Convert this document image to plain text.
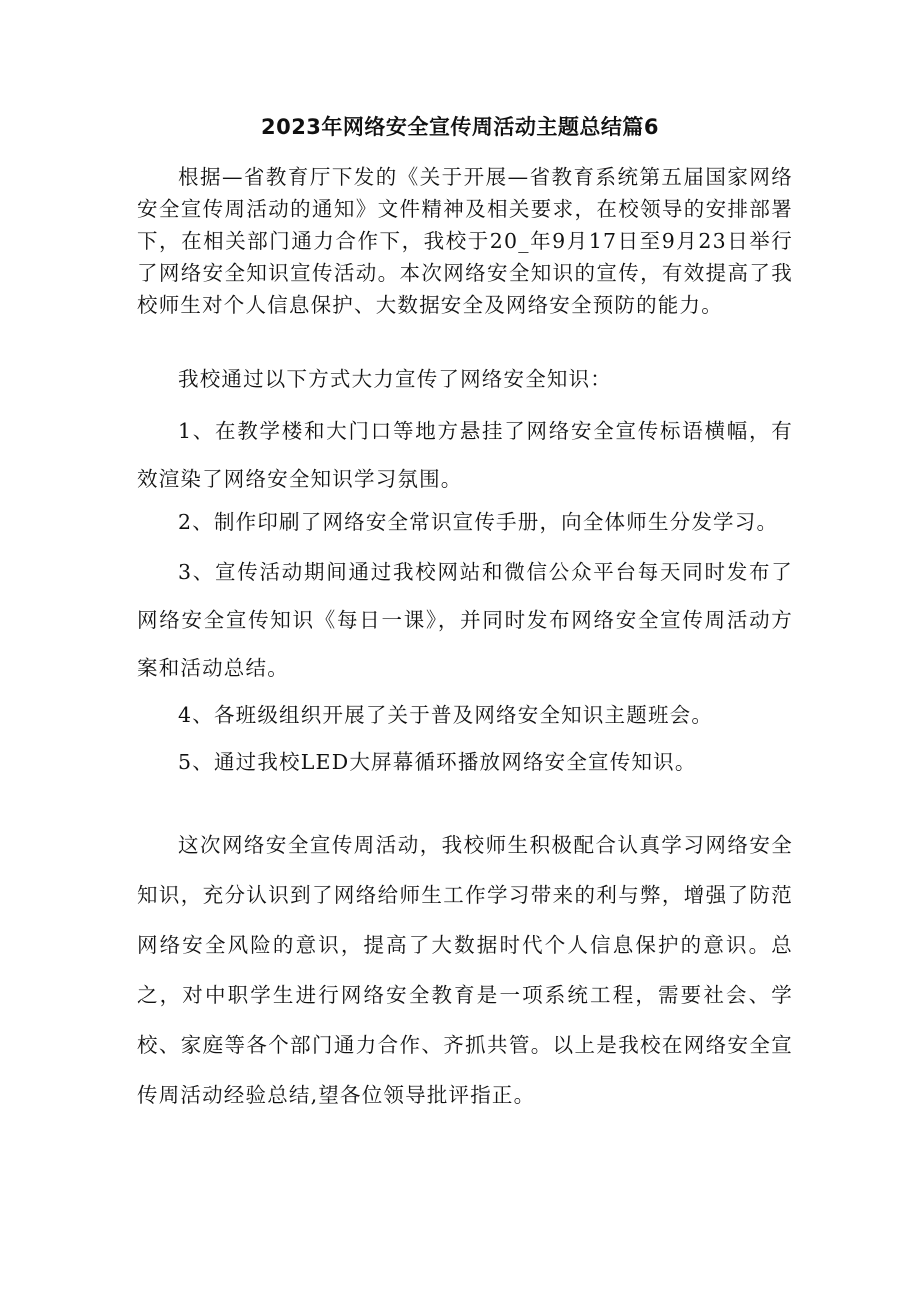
2023年网络安全宣传周活动主题总结篇6

根据—省教育厅下发的《关于开展—省教育系统第五届国家网络安全宣传周活动的通知》文件精神及相关要求，在校领导的安排部署下，在相关部门通力合作下，我校于20_年9月17日至9月23日举行了网络安全知识宣传活动。本次网络安全知识的宣传，有效提高了我校师生对个人信息保护、大数据安全及网络安全预防的能力。

我校通过以下方式大力宣传了网络安全知识：

1、在教学楼和大门口等地方悬挂了网络安全宣传标语横幅，有效渲染了网络安全知识学习氛围。

2、制作印刷了网络安全常识宣传手册，向全体师生分发学习。

3、宣传活动期间通过我校网站和微信公众平台每天同时发布了网络安全宣传知识《每日一课》，并同时发布网络安全宣传周活动方案和活动总结。

4、各班级组织开展了关于普及网络安全知识主题班会。

5、通过我校LED大屏幕循环播放网络安全宣传知识。

这次网络安全宣传周活动，我校师生积极配合认真学习网络安全知识，充分认识到了网络给师生工作学习带来的利与弊，增强了防范网络安全风险的意识，提高了大数据时代个人信息保护的意识。总之，对中职学生进行网络安全教育是一项系统工程，需要社会、学校、家庭等各个部门通力合作、齐抓共管。以上是我校在网络安全宣传周活动经验总结,望各位领导批评指正。
